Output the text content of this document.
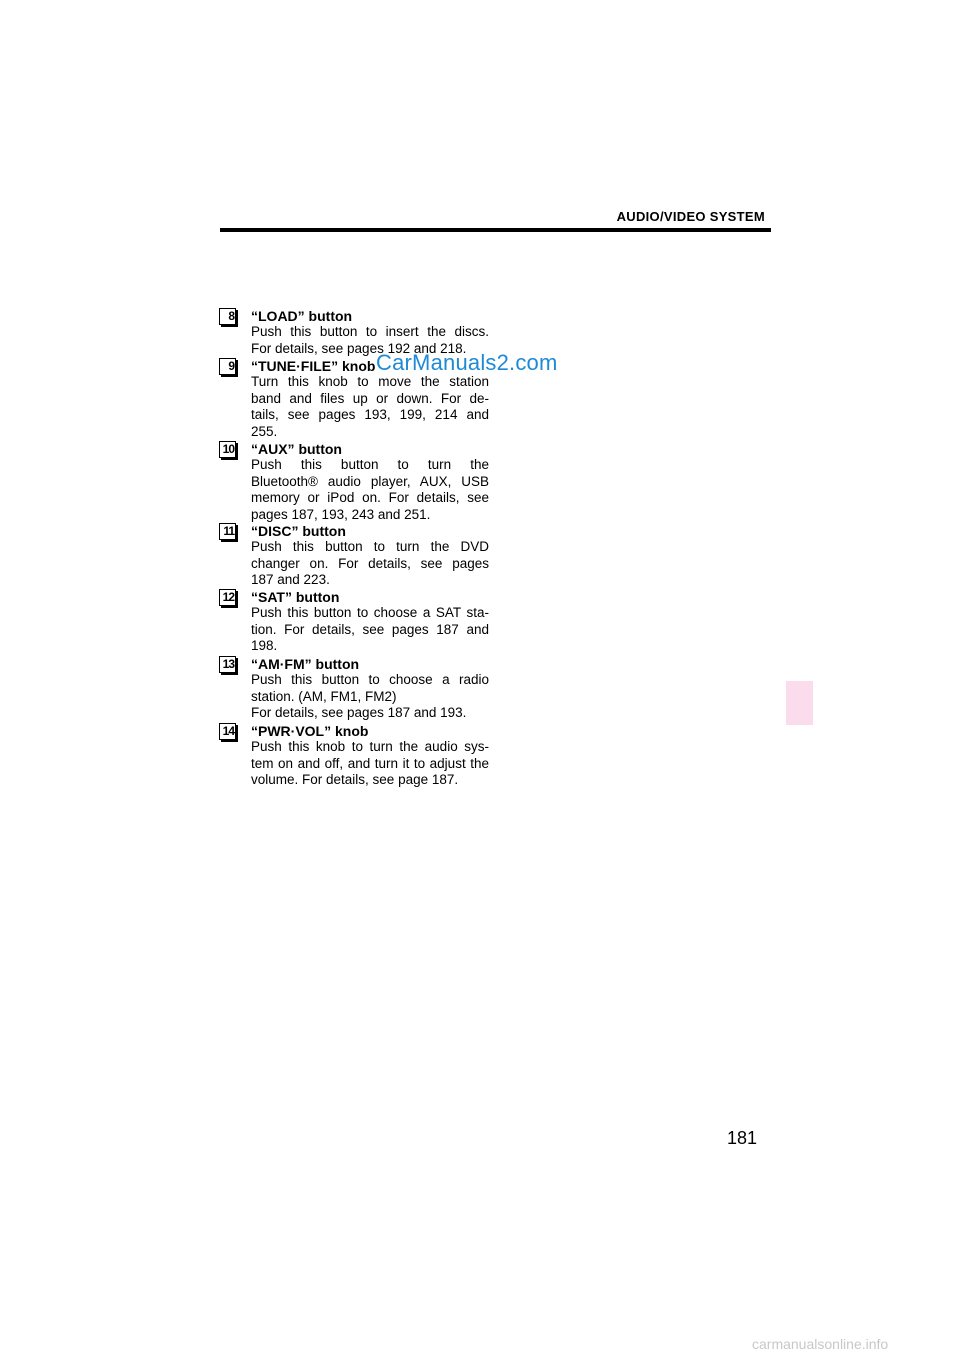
AUDIO/VIDEO SYSTEM
8 “LOAD” button
Push this button to insert the discs.
For details, see pages 192 and 218.
9 “TUNE·FILE” knob
Turn this knob to move the station
band and files up or down. For de-
tails, see pages 193, 199, 214 and
255.
10 “AUX” button
Push this button to turn the
Bluetooth® audio player, AUX, USB
memory or iPod on. For details, see
pages 187, 193, 243 and 251.
11 “DISC” button
Push this button to turn the DVD
changer on. For details, see pages
187 and 223.
12 “SAT” button
Push this button to choose a SAT sta-
tion. For details, see pages 187 and
198.
13 “AM·FM” button
Push this button to choose a radio
station. (AM, FM1, FM2)
For details, see pages 187 and 193.
14 “PWR·VOL” knob
Push this knob to turn the audio sys-
tem on and off, and turn it to adjust the
volume. For details, see page 187.
CarManuals2.com
181
carmanualsonline.info
